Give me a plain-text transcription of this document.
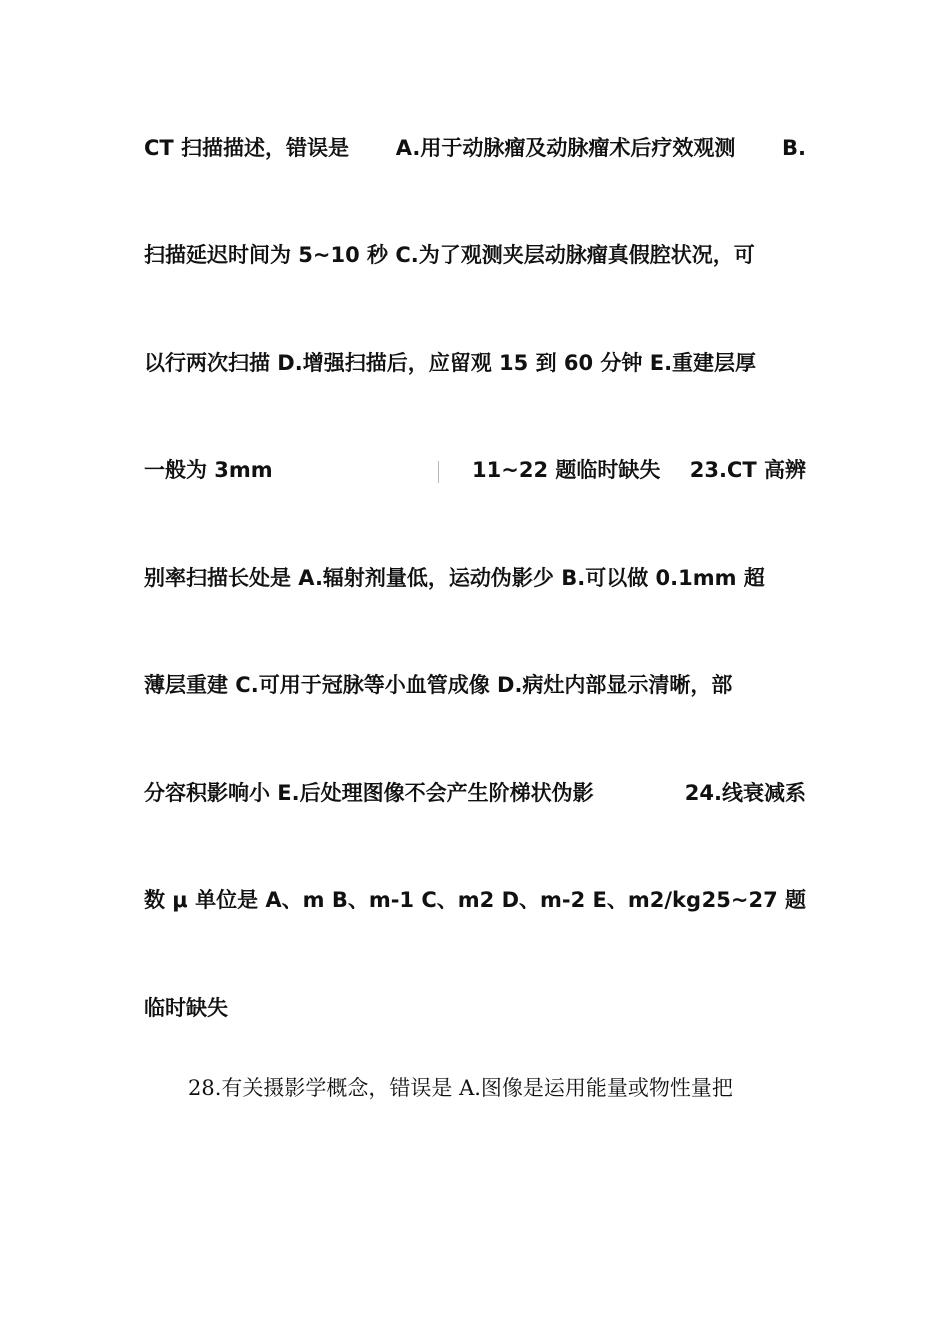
CT 扫描描述，错误是 A.用于动脉瘤及动脉瘤术后疗效观测 B.
扫描延迟时间为 5~10 秒 C.为了观测夹层动脉瘤真假腔状况，可
以行两次扫描 D.增强扫描后，应留观 15 到 60 分钟 E.重建层厚
一般为 3mm	11~22 题临时缺失 23.CT 高辨
别率扫描长处是 A.辐射剂量低，运动伪影少 B.可以做 0.1mm 超
薄层重建 C.可用于冠脉等小血管成像 D.病灶内部显示清晰，部
分容积影响小 E.后处理图像不会产生阶梯状伪影	24.线衰减系
数 μ 单位是 A、m B、m-1 C、m2 D、m-2 E、m2/kg 25~27 题
临时缺失
28.有关摄影学概念，错误是 A.图像是运用能量或物性量把
